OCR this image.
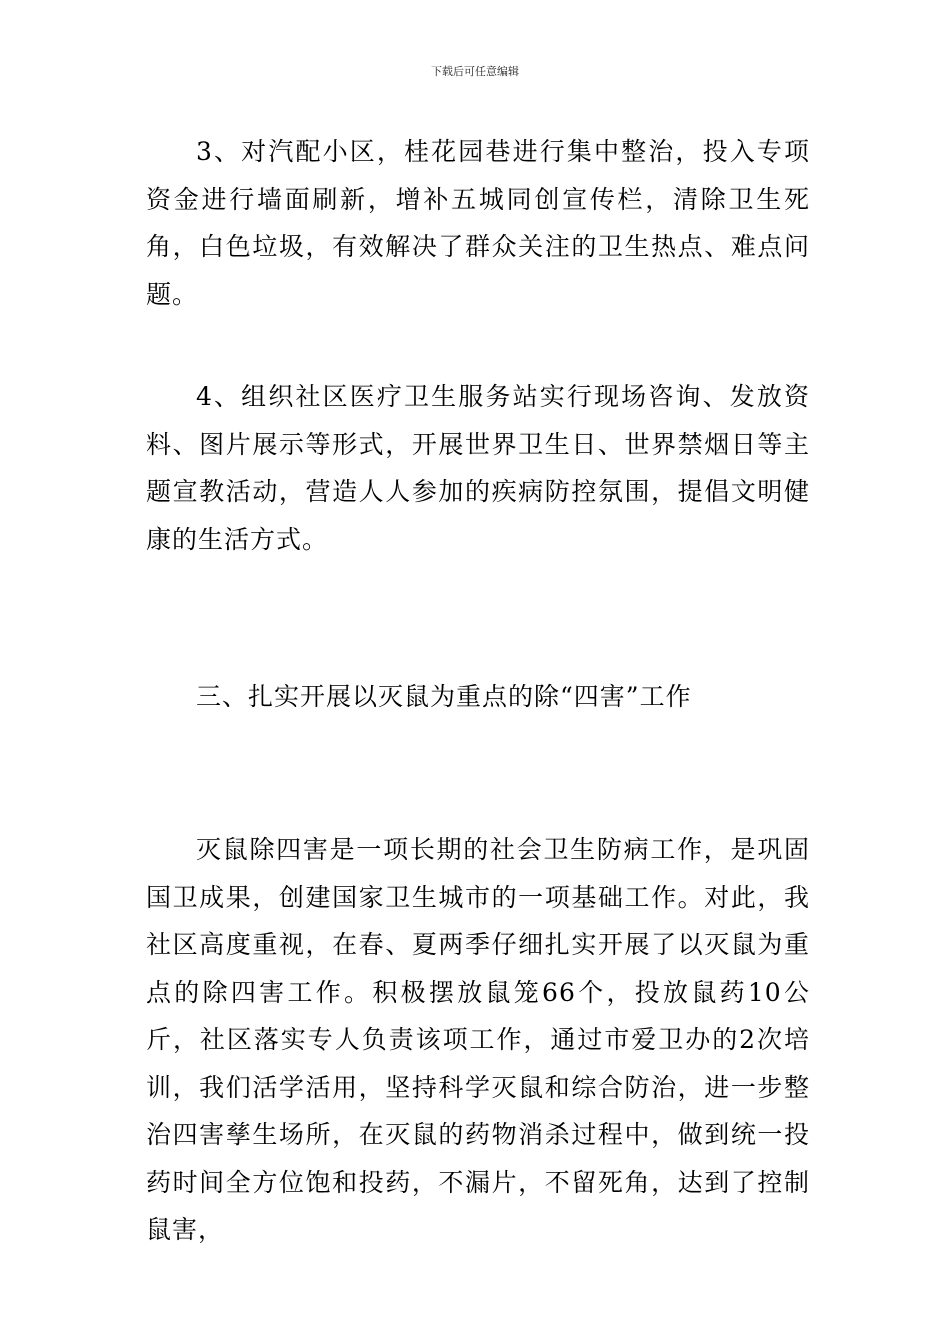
下载后可任意编辑

3、对汽配小区，桂花园巷进行集中整治，投入专项资金进行墙面刷新，增补五城同创宣传栏，清除卫生死角，白色垃圾，有效解决了群众关注的卫生热点、难点问题。

4、组织社区医疗卫生服务站实行现场咨询、发放资料、图片展示等形式，开展世界卫生日、世界禁烟日等主题宣教活动，营造人人参加的疾病防控氛围，提倡文明健康的生活方式。

三、扎实开展以灭鼠为重点的除“四害”工作

灭鼠除四害是一项长期的社会卫生防病工作，是巩固国卫成果，创建国家卫生城市的一项基础工作。对此，我社区高度重视，在春、夏两季仔细扎实开展了以灭鼠为重点的除四害工作。积极摆放鼠笼66个，投放鼠药10公斤，社区落实专人负责该项工作，通过市爱卫办的2次培训，我们活学活用，坚持科学灭鼠和综合防治，进一步整治四害孳生场所，在灭鼠的药物消杀过程中，做到统一投药时间全方位饱和投药，不漏片，不留死角，达到了控制鼠害，
